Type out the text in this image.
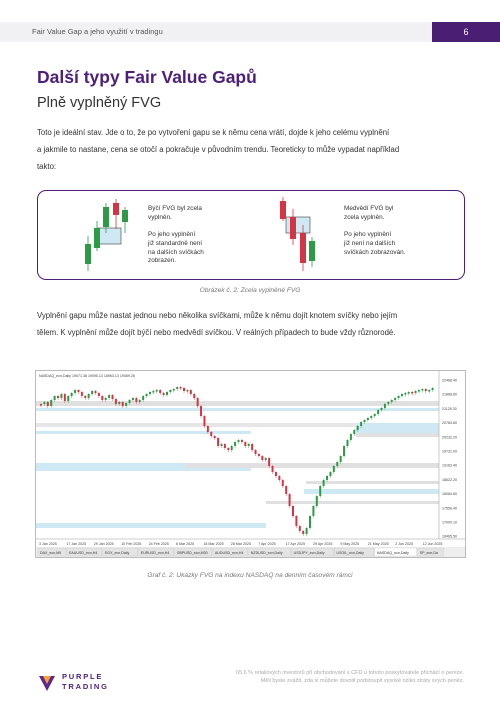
Fair Value Gap a jeho využití v tradingu	6
Další typy Fair Value Gapů
Plně vyplněný FVG
Toto je ideální stav. Jde o to, že po vytvoření gapu se k němu cena vrátí, dojde k jeho celému vyplnění
a jakmile to nastane, cena se otočí a pokračuje v původním trendu. Teoreticky to může vypadat například
takto:
Býčí FVG byl zcela
vyplněn.
Po jeho vyplnění
již standardně není
na dalších svíčkách
zobrazen.
Medvědí FVG byl
zcela vyplněn.
Po jeho vyplnění
již není na dalších
svíčkách zobrazován.
Obrázek č. 2: Zcela vyplněné FVG
Vyplnění gapu může nastat jednou nebo několika svíčkami, může k němu dojít knotem svíčky nebo jejím
tělem. K vyplnění může dojít býčí nebo medvědí svíčkou. V reálných případech to bude vždy různorodé.
NASDAQ_ecn,Daily 19071.38 19095.13 18963.13 19089.26
22468.40
21868.60
21125.30
20783.60
20232.20
19731.00
19163.40
18622.20
18084.60
17556.40
17000.10
16465.50
3 Jan 2025	17 Jan 2025 29 Jan 2025 10 Feb 2025 24 Feb 2025 6 Mar 2025	18 Mar 2025 28 Mar 2025 7 Apr 2025	17 Apr 2025 29 Apr 2025 9 May 2025 21 May 2025 2 Jun 2025	12 Jun 2025
DAX_ecn,M5 EAUUSD_ecn,H4 EGX_ecn,Daily	EURUSD_ecn,H4 GBPUSD_ecn,M30 AUDUSD_ecn,H4 NZDUSD_ecn,Daily	USDJPY_ecn,Daily	USOIL_ecn,Daily	NASDAQ_ecn,Daily	SP_ecn,Da
Graf č. 2: Ukázky FVG na indexu NASDAQ na denním časovém rámci
PURPLE
TRADING
65,6 % retailových investorů při obchodování s CFD u tohoto poskytovatele přichází o peníze.
Měli byste zvážit, zda si můžete dovolit podstoupit vysoké riziko ztráty svých peněz.
